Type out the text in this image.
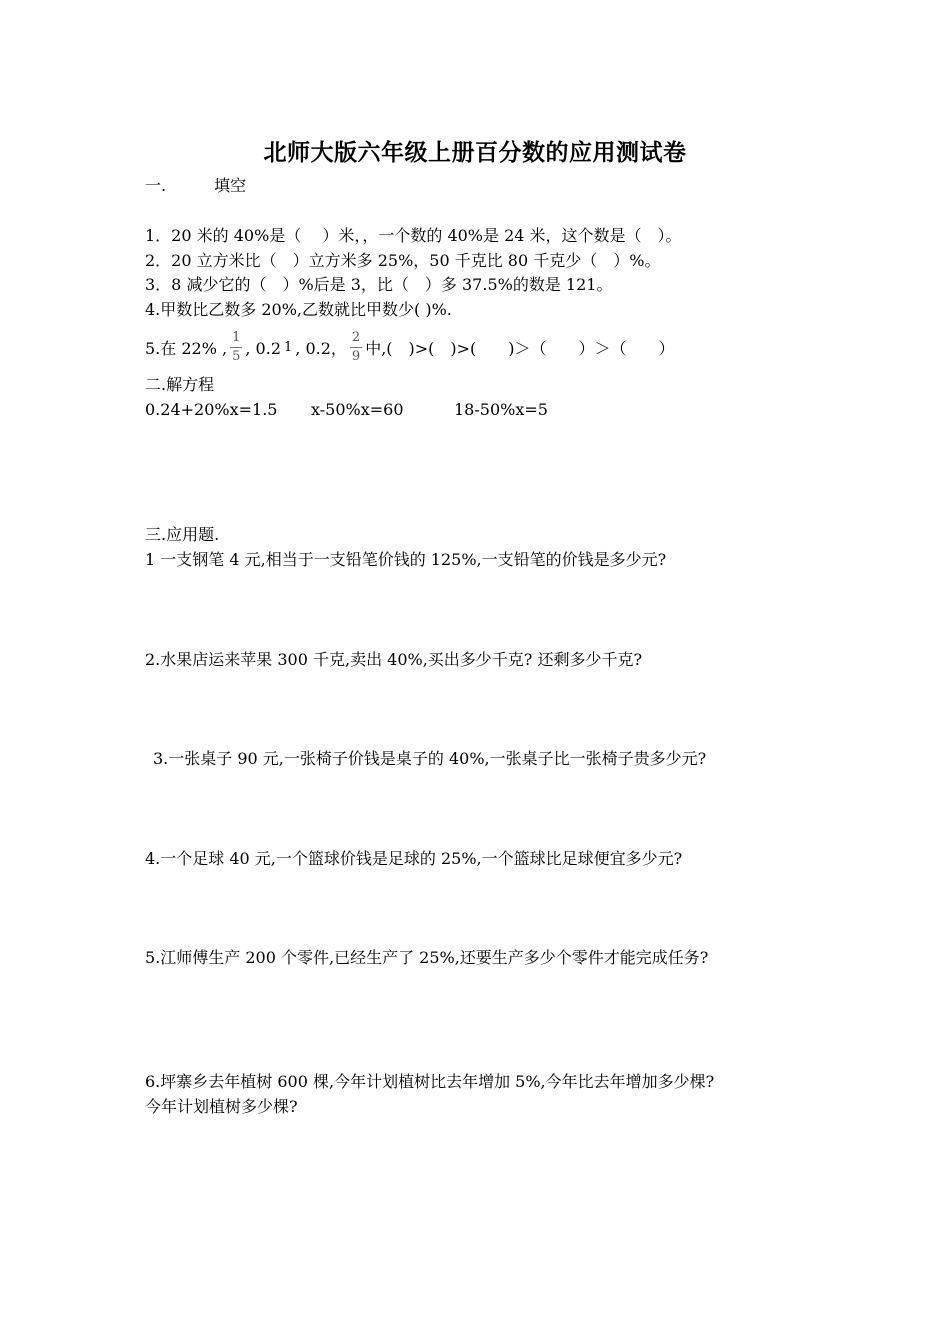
北师大版六年级上册百分数的应用测试卷
一.	填空
1．20 米的 40%是（　 ）米，，一个数的 40%是 24 米，这个数是（　）。
2．20 立方米比（　）立方米多 25%，50 千克比 80 千克少（　）%。
3．8 减少它的（　）%后是 3，比（　）多 37.5%的数是 121。
4.甲数比乙数多 20%,乙数就比甲数少( )%.
5.在 22% , $\frac{1}{5}$ , 0.2 1 , 0.2， $\frac{2}{9}$ 中,(　)>(　)>(　　)＞（　　）＞（　　）
二.解方程
0.24+20%x=1.5 x-50%x=60	18-50%x=5
三.应用题.
1 一支钢笔 4 元,相当于一支铅笔价钱的 125%,一支铅笔的价钱是多少元?
2.水果店运来苹果 300 千克,卖出 40%,买出多少千克? 还剩多少千克?
3.一张桌子 90 元,一张椅子价钱是桌子的 40%,一张桌子比一张椅子贵多少元?
4.一个足球 40 元,一个篮球价钱是足球的 25%,一个篮球比足球便宜多少元?
5.江师傅生产 200 个零件,已经生产了 25%,还要生产多少个零件才能完成任务?
6.坪寨乡去年植树 600 棵,今年计划植树比去年增加 5%,今年比去年增加多少棵?
今年计划植树多少棵?
